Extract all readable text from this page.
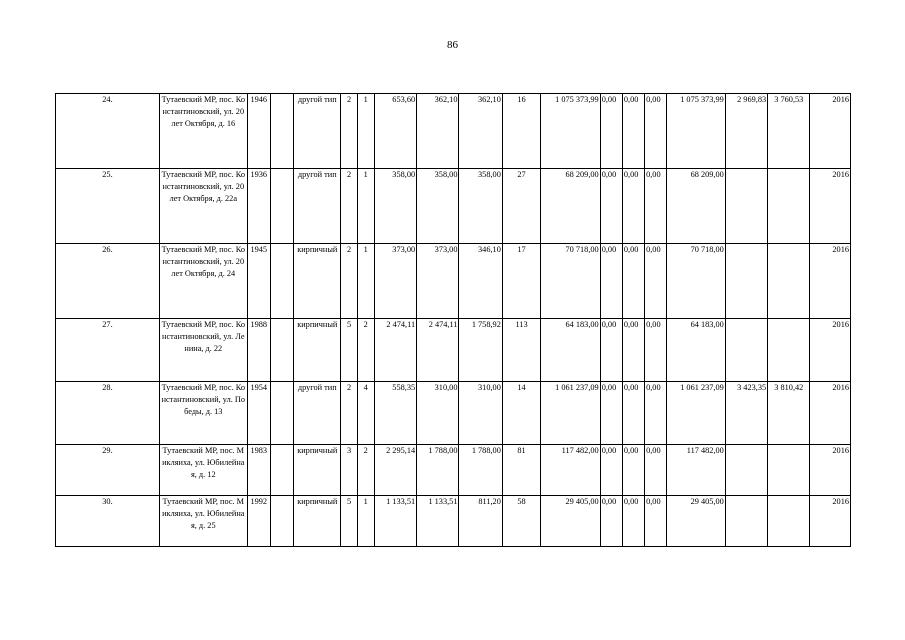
86
24.	Тутаевский МР, пос. Константиновский, ул. 20 лет Октября, д. 16	1946		другой тип	2	1	653,60	362,10	362,10	16	1 075 373,99	0,00	0,00	0,00	1 075 373,99	2 969,83	3 760,53	2016
25.	Тутаевский МР, пос. Константиновский, ул. 20 лет Октября, д. 22а	1936		другой тип	2	1	358,00	358,00	358,00	27	68 209,00	0,00	0,00	0,00	68 209,00			2016
26.	Тутаевский МР, пос. Константиновский, ул. 20 лет Октября, д. 24	1945		кирпичный	2	1	373,00	373,00	346,10	17	70 718,00	0,00	0,00	0,00	70 718,00			2016
27.	Тутаевский МР, пос. Константиновский, ул. Ленина, д. 22	1988		кирпичный	5	2	2 474,11	2 474,11	1 758,92	113	64 183,00	0,00	0,00	0,00	64 183,00			2016
28.	Тутаевский МР, пос. Константиновский, ул. Победы, д. 13	1954		другой тип	2	4	558,35	310,00	310,00	14	1 061 237,09	0,00	0,00	0,00	1 061 237,09	3 423,35	3 810,42	2016
29.	Тутаевский МР, пос. Микляиха, ул. Юбилейная, д. 12	1983		кирпичный	3	2	2 295,14	1 788,00	1 788,00	81	117 482,00	0,00	0,00	0,00	117 482,00			2016
30.	Тутаевский МР, пос. Микляиха, ул. Юбилейная, д. 25	1992		кирпичный	5	1	1 133,51	1 133,51	811,20	58	29 405,00	0,00	0,00	0,00	29 405,00			2016
